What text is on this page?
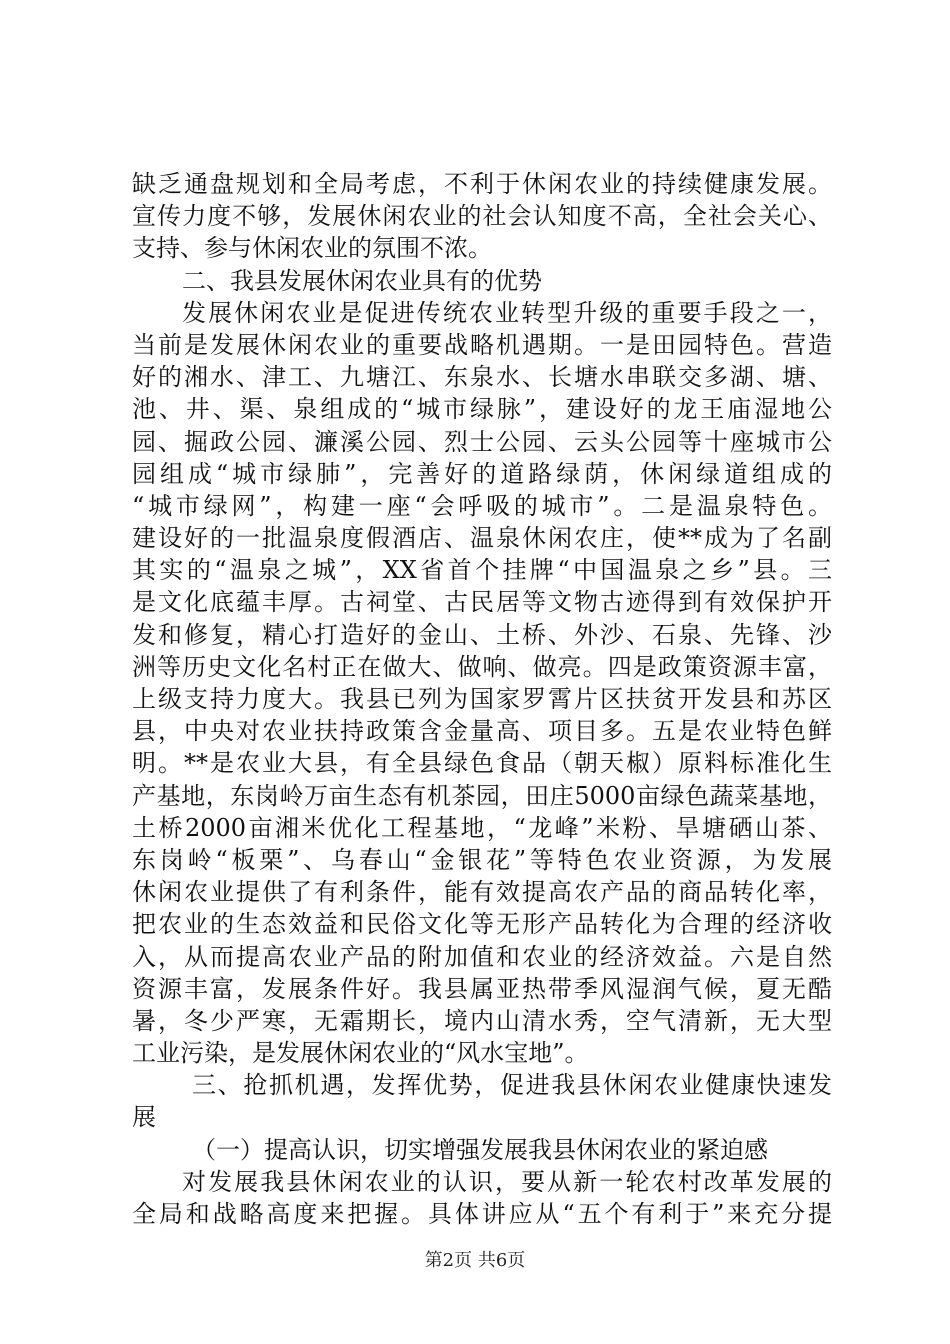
缺乏通盘规划和全局考虑，不利于休闲农业的持续健康发展。
宣传力度不够，发展休闲农业的社会认知度不高，全社会关心、
支持、参与休闲农业的氛围不浓。
二、我县发展休闲农业具有的优势
发展休闲农业是促进传统农业转型升级的重要手段之一，
当前是发展休闲农业的重要战略机遇期。一是田园特色。营造
好的湘水、津工、九塘江、东泉水、长塘水串联交多湖、塘、
池、井、渠、泉组成的“城市绿脉”，建设好的龙王庙湿地公
园、掘政公园、濂溪公园、烈士公园、云头公园等十座城市公
园组成“城市绿肺”，完善好的道路绿荫，休闲绿道组成的
“城市绿网”，构建一座“会呼吸的城市”。二是温泉特色。
建设好的一批温泉度假酒店、温泉休闲农庄，使**成为了名副
其实的“温泉之城”，XX省首个挂牌“中国温泉之乡”县。三
是文化底蕴丰厚。古祠堂、古民居等文物古迹得到有效保护开
发和修复，精心打造好的金山、土桥、外沙、石泉、先锋、沙
洲等历史文化名村正在做大、做响、做亮。四是政策资源丰富，
上级支持力度大。我县已列为国家罗霄片区扶贫开发县和苏区
县，中央对农业扶持政策含金量高、项目多。五是农业特色鲜
明。**是农业大县，有全县绿色食品（朝天椒）原料标准化生
产基地，东岗岭万亩生态有机茶园，田庄5000亩绿色蔬菜基地，
土桥2000亩湘米优化工程基地，“龙峰”米粉、旱塘硒山茶、
东岗岭“板栗”、乌春山“金银花”等特色农业资源，为发展
休闲农业提供了有利条件，能有效提高农产品的商品转化率，
把农业的生态效益和民俗文化等无形产品转化为合理的经济收
入，从而提高农业产品的附加值和农业的经济效益。六是自然
资源丰富，发展条件好。我县属亚热带季风湿润气候，夏无酷
暑，冬少严寒，无霜期长，境内山清水秀，空气清新，无大型
工业污染，是发展休闲农业的“风水宝地”。
三、抢抓机遇，发挥优势，促进我县休闲农业健康快速发
展
（一）提高认识，切实增强发展我县休闲农业的紧迫感
对发展我县休闲农业的认识，要从新一轮农村改革发展的
全局和战略高度来把握。具体讲应从“五个有利于”来充分提
第2页 共6页
